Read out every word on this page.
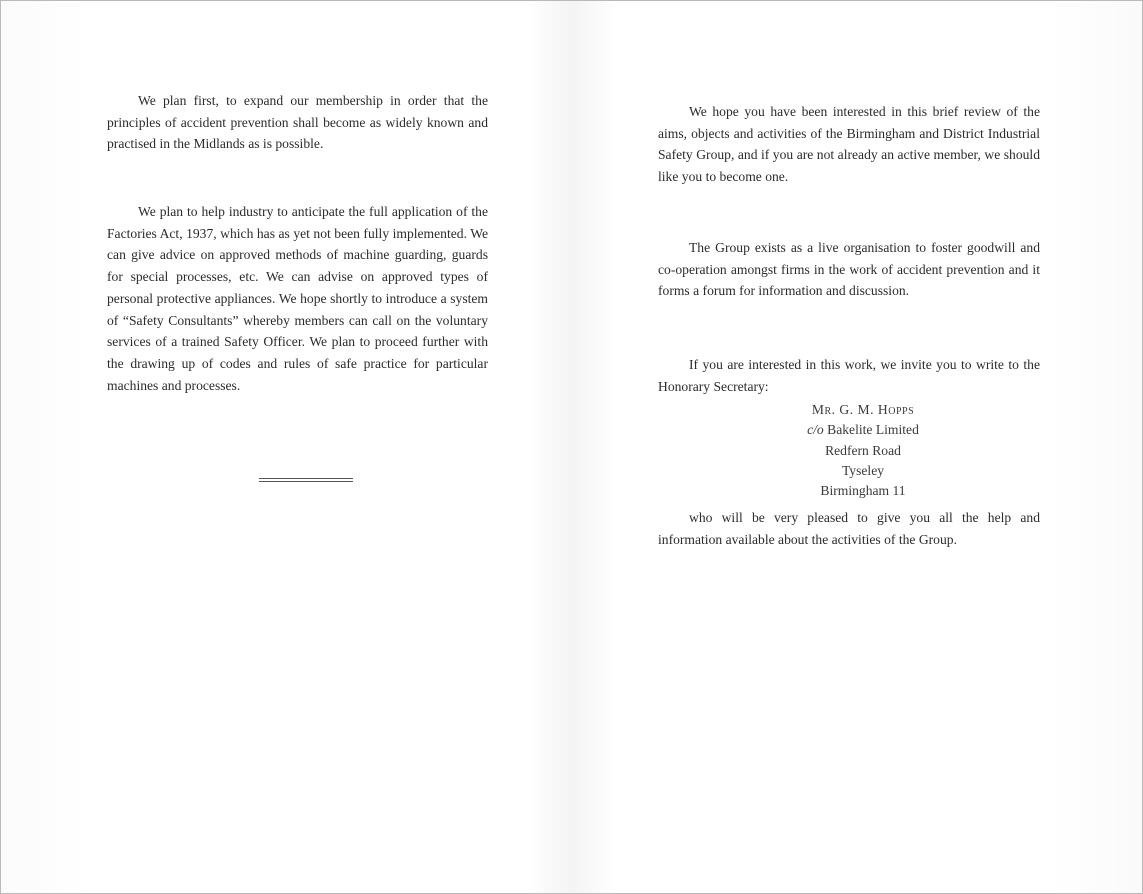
We plan first, to expand our membership in order that the principles of accident prevention shall become as widely known and practised in the Midlands as is possible.

We plan to help industry to anticipate the full application of the Factories Act, 1937, which has as yet not been fully implemented. We can give advice on approved methods of machine guarding, guards for special processes, etc. We can advise on approved types of personal protective appliances. We hope shortly to introduce a system of “Safety Consultants” whereby members can call on the voluntary services of a trained Safety Officer. We plan to proceed further with the drawing up of codes and rules of safe practice for particular machines and processes.

We hope you have been interested in this brief review of the aims, objects and activities of the Birmingham and District Industrial Safety Group, and if you are not already an active member, we should like you to become one.

The Group exists as a live organisation to foster goodwill and co-operation amongst firms in the work of accident prevention and it forms a forum for information and discussion.

If you are interested in this work, we invite you to write to the Honorary Secretary:

Mr. G. M. Hopps
c/o Bakelite Limited
Redfern Road
Tyseley
Birmingham 11

who will be very pleased to give you all the help and information available about the activities of the Group.
